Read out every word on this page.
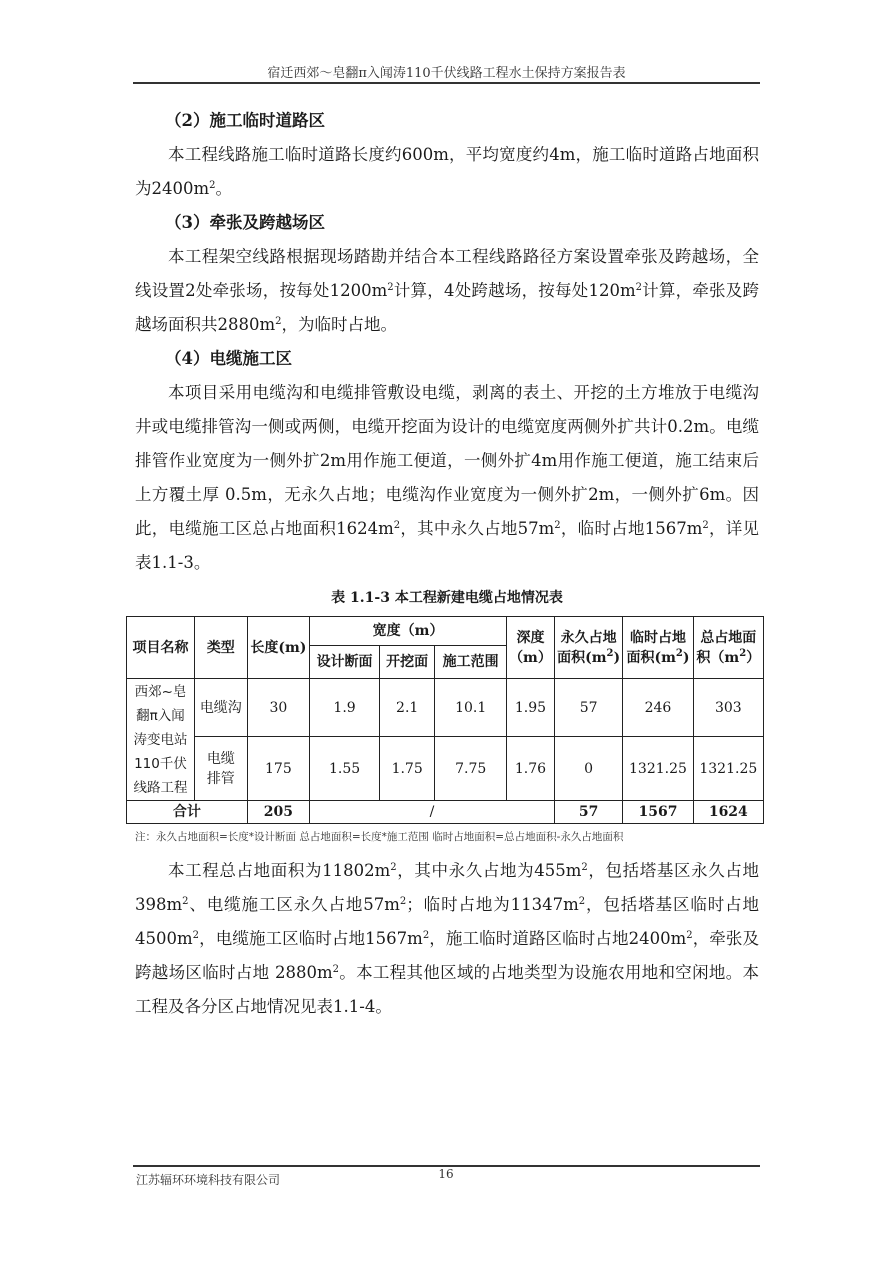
宿迁西郊～皂翻π入闻涛110千伏线路工程水土保持方案报告表

（2）施工临时道路区

本工程线路施工临时道路长度约600m，平均宽度约4m，施工临时道路占地面积为$2400m^2$。

（3）牵张及跨越场区

本工程架空线路根据现场踏勘并结合本工程线路路径方案设置牵张及跨越场，全线设置2处牵张场，按每处$1200m^2$计算，4处跨越场，按每处$120m^2$计算，牵张及跨越场面积共$2880m^2$，为临时占地。

（4）电缆施工区

本项目采用电缆沟和电缆排管敷设电缆，剥离的表土、开挖的土方堆放于电缆沟井或电缆排管沟一侧或两侧，电缆开挖面为设计的电缆宽度两侧外扩共计0.2m。电缆排管作业宽度为一侧外扩2m用作施工便道，一侧外扩4m用作施工便道，施工结束后上方覆土厚 0.5m，无永久占地；电缆沟作业宽度为一侧外扩2m，一侧外扩6m。因此，电缆施工区总占地面积$1624m^2$，其中永久占地$57m^2$，临时占地$1567m^2$，详见表1.1-3。

表 1.1-3 本工程新建电缆占地情况表
项目名称	类型	长度(m)	宽度（m）			深度（m）	永久占地面积$(m^2)$	临时占地面积$(m^2)$	总占地面积$(m^2)$
			设计断面	开挖面	施工范围				
西郊~皂翻π入闻涛变电站110千伏线路工程	电缆沟	30	1.9	2.1	10.1	1.95	57	246	303
	电缆排管	175	1.55	1.75	7.75	1.76	0	1321.25	1321.25
合计		205	/				57	1567	1624

注：永久占地面积=长度*设计断面 总占地面积=长度*施工范围 临时占地面积=总占地面积-永久占地面积

本工程总占地面积为$11802m^2$，其中永久占地为$455m^2$，包括塔基区永久占地$398m^2$、电缆施工区永久占地$57m^2$；临时占地为$11347m^2$，包括塔基区临时占地$4500m^2$，电缆施工区临时占地$1567m^2$，施工临时道路区临时占地$2400m^2$，牵张及跨越场区临时占地 $2880m^2$。本工程其他区域的占地类型为设施农用地和空闲地。本工程及各分区占地情况见表1.1-4。

江苏辐环环境科技有限公司	16
